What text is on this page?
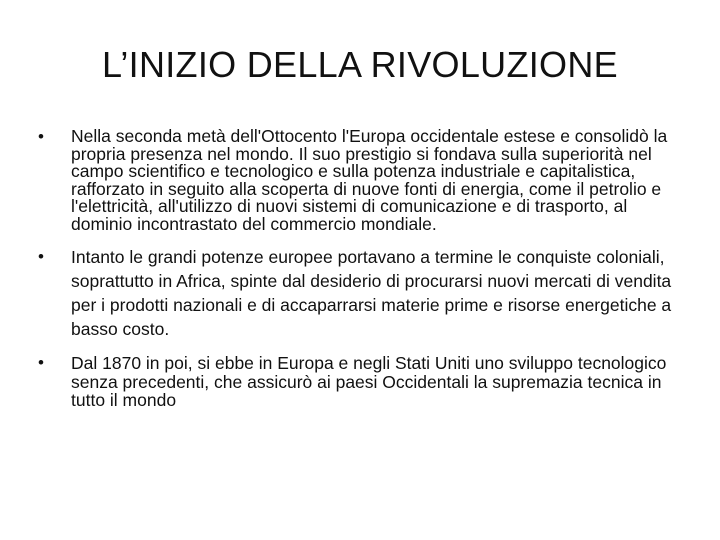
L’INIZIO DELLA RIVOLUZIONE
• Nella seconda metà dell'Ottocento l'Europa occidentale estese e consolidò la propria presenza nel mondo. Il suo prestigio si fondava sulla superiorità nel campo scientifico e tecnologico e sulla potenza industriale e capitalistica, rafforzato in seguito alla scoperta di nuove fonti di energia, come il petrolio e l'elettricità, all'utilizzo di nuovi sistemi di comunicazione e di trasporto, al dominio incontrastato del commercio mondiale.
• Intanto le grandi potenze europee portavano a termine le conquiste coloniali, soprattutto in Africa, spinte dal desiderio di procurarsi nuovi mercati di vendita per i prodotti nazionali e di accaparrarsi materie prime e risorse energetiche a basso costo.
• Dal 1870 in poi, si ebbe in Europa e negli Stati Uniti uno sviluppo tecnologico senza precedenti, che assicurò ai paesi Occidentali la supremazia tecnica in tutto il mondo
